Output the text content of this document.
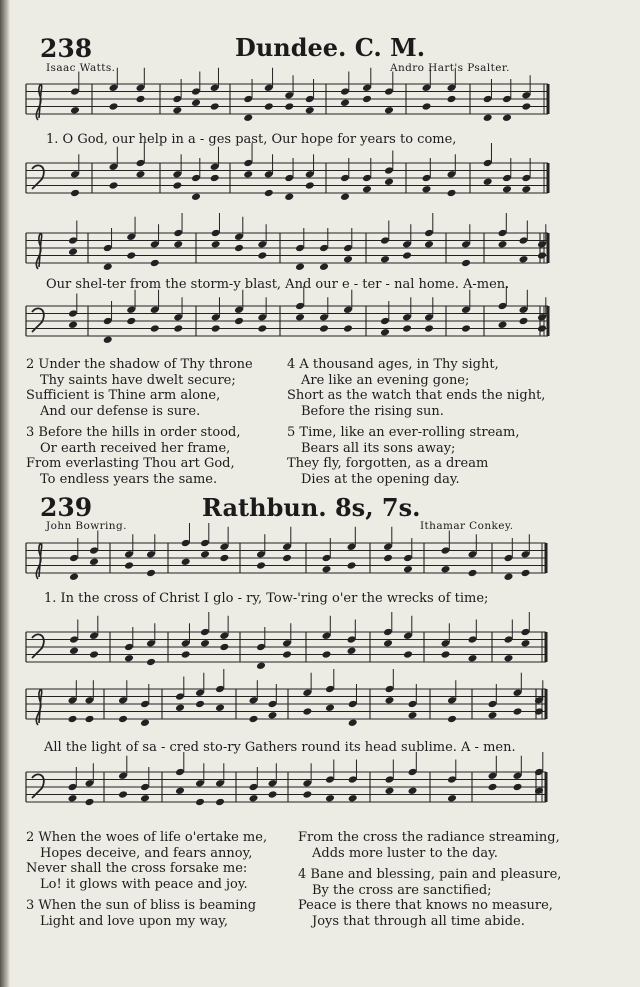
238	Dundee. C. M.
Isaac Watts.	Andro Hart's Psalter.
1. O God, our help in a - ges past, Our hope for years to come,
Our shel-ter from the storm-y blast, And our e - ter - nal home. A-men.
2 Under the shadow of Thy throne
Thy saints have dwelt secure;
Sufficient is Thine arm alone,
And our defense is sure.
3 Before the hills in order stood,
Or earth received her frame,
From everlasting Thou art God,
To endless years the same.
4 A thousand ages, in Thy sight,
Are like an evening gone;
Short as the watch that ends the night,
Before the rising sun.
5 Time, like an ever-rolling stream,
Bears all its sons away;
They fly, forgotten, as a dream
Dies at the opening day.
239	Rathbun. 8s, 7s.
John Bowring.	Ithamar Conkey.
1. In the cross of Christ I glo - ry, Tow-'ring o'er the wrecks of time;
All the light of sa - cred sto-ry Gathers round its head sublime. A - men.
2 When the woes of life o'ertake me,
Hopes deceive, and fears annoy,
Never shall the cross forsake me:
Lo! it glows with peace and joy.
3 When the sun of bliss is beaming
Light and love upon my way,
From the cross the radiance streaming,
Adds more luster to the day.
4 Bane and blessing, pain and pleasure,
By the cross are sanctified;
Peace is there that knows no measure,
Joys that through all time abide.
